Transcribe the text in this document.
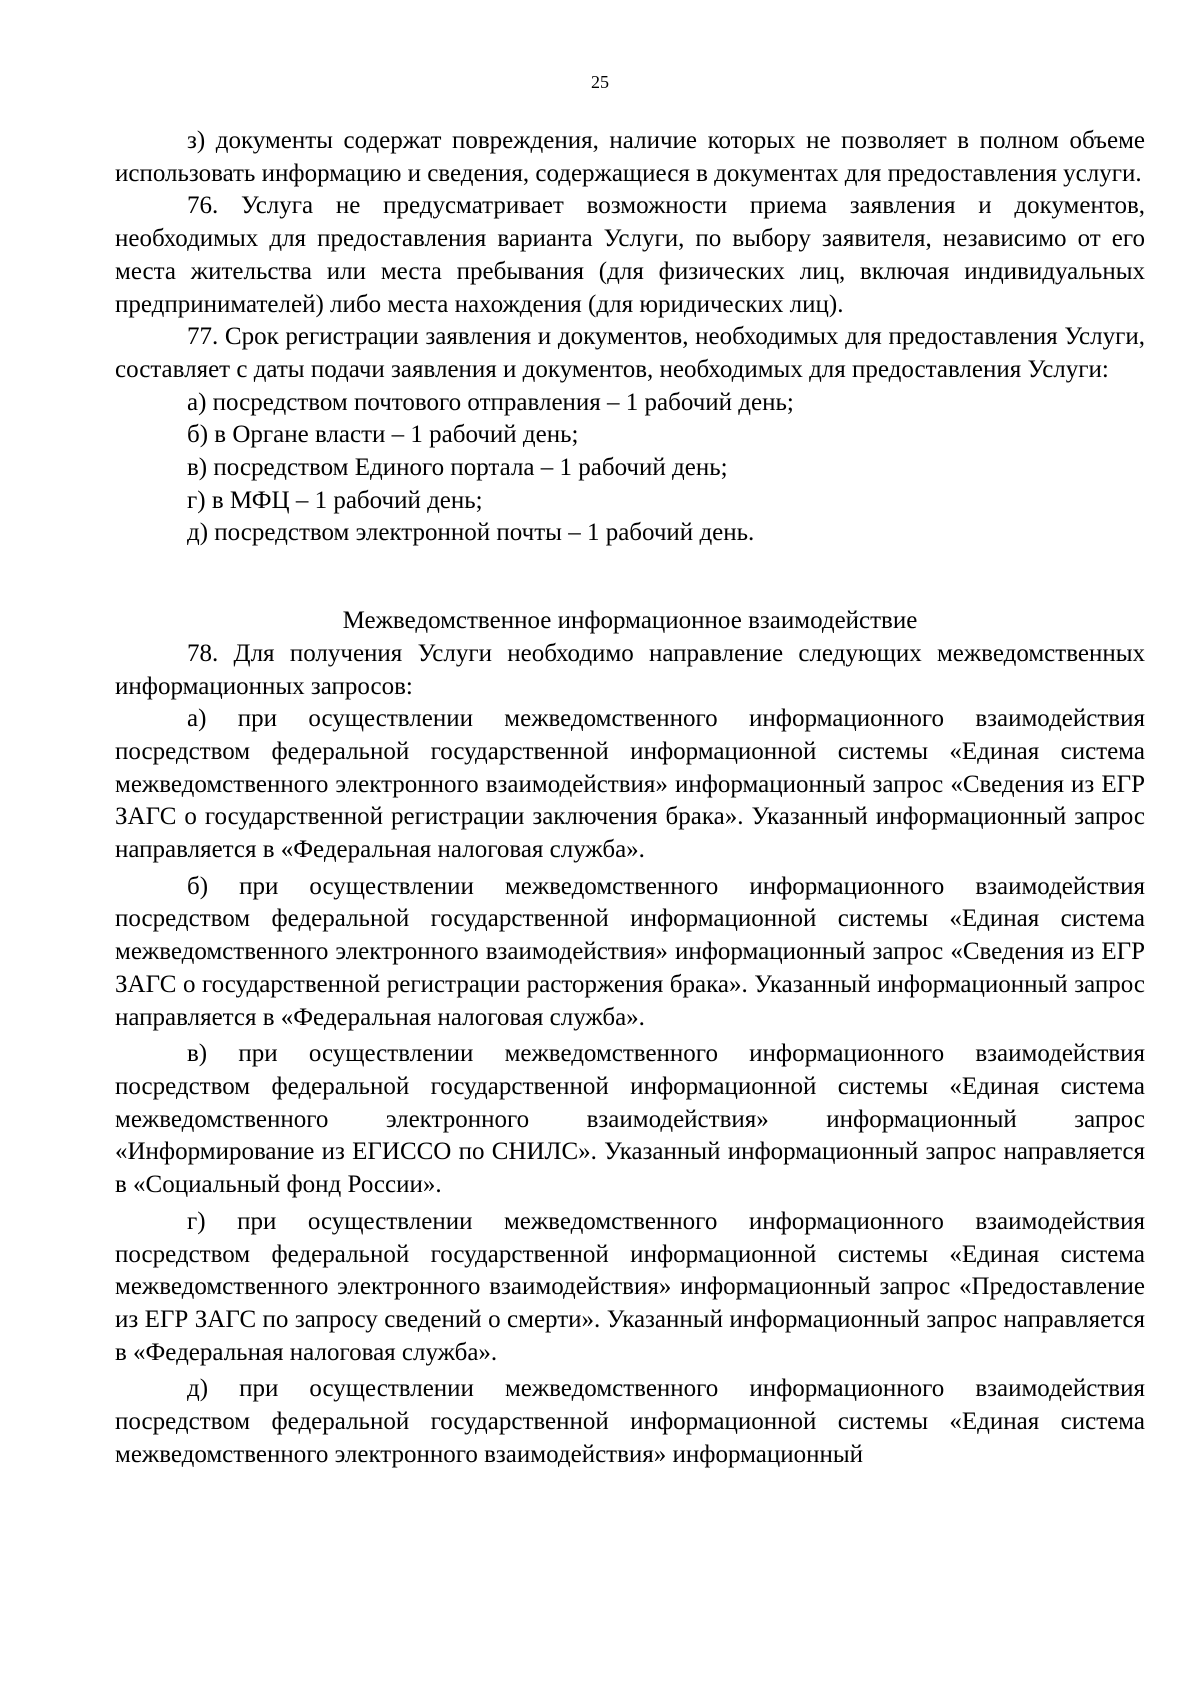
25

з) документы содержат повреждения, наличие которых не позволяет в полном объеме использовать информацию и сведения, содержащиеся в документах для предоставления услуги.

76. Услуга не предусматривает возможности приема заявления и документов, необходимых для предоставления варианта Услуги, по выбору заявителя, независимо от его места жительства или места пребывания (для физических лиц, включая индивидуальных предпринимателей) либо места нахождения (для юридических лиц).

77. Срок регистрации заявления и документов, необходимых для предоставления Услуги, составляет с даты подачи заявления и документов, необходимых для предоставления Услуги:

а) посредством почтового отправления – 1 рабочий день;

б) в Органе власти – 1 рабочий день;

в) посредством Единого портала – 1 рабочий день;

г) в МФЦ – 1 рабочий день;

д) посредством электронной почты – 1 рабочий день.

Межведомственное информационное взаимодействие

78. Для получения Услуги необходимо направление следующих межведомственных информационных запросов:

а) при осуществлении межведомственного информационного взаимодействия посредством федеральной государственной информационной системы «Единая система межведомственного электронного взаимодействия» информационный запрос «Сведения из ЕГР ЗАГС о государственной регистрации заключения брака». Указанный информационный запрос направляется в «Федеральная налоговая служба».

б) при осуществлении межведомственного информационного взаимодействия посредством федеральной государственной информационной системы «Единая система межведомственного электронного взаимодействия» информационный запрос «Сведения из ЕГР ЗАГС о государственной регистрации расторжения брака». Указанный информационный запрос направляется в «Федеральная налоговая служба».

в) при осуществлении межведомственного информационного взаимодействия посредством федеральной государственной информационной системы «Единая система межведомственного электронного взаимодействия» информационный запрос «Информирование из ЕГИССО по СНИЛС». Указанный информационный запрос направляется в «Социальный фонд России».

г) при осуществлении межведомственного информационного взаимодействия посредством федеральной государственной информационной системы «Единая система межведомственного электронного взаимодействия» информационный запрос «Предоставление из ЕГР ЗАГС по запросу сведений о смерти». Указанный информационный запрос направляется в «Федеральная налоговая служба».

д) при осуществлении межведомственного информационного взаимодействия посредством федеральной государственной информационной системы «Единая система межведомственного электронного взаимодействия» информационный
